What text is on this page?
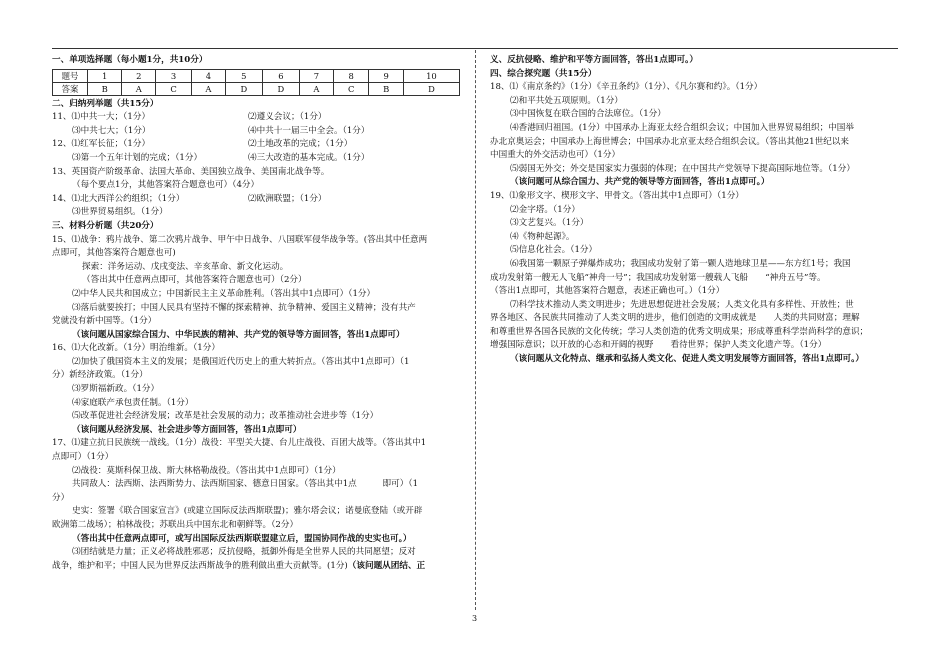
一、单项选择题（每小题1分，共10分）
题号	1	2	3	4	5	6	7	8	9	10
答案	B	A	C	A	D	D	A	C	B	D
二、归纳列举题（共15分）
11、⑴中共一大；（1分）	⑵遵义会议；（1分）
⑶中共七大；（1分）	⑷中共十一届三中全会。（1分）
12、⑴红军长征；（1分）	⑵土地改革的完成；（1分）
⑶第一个五年计划的完成；（1分）	⑷三大改造的基本完成。（1分）
13、英国资产阶级革命、法国大革命、美国独立战争、美国南北战争等。
（每个要点1分，其他答案符合题意也可）（4分）
14、⑴北大西洋公约组织；（1分）	⑵欧洲联盟；（1分）
⑶世界贸易组织。（1分）
三、材料分析题（共20分）
15、⑴战争：鸦片战争、第二次鸦片战争、甲午中日战争、八国联军侵华战争等。(答出其中任意两
点即可，其他答案符合题意也可)
探索：洋务运动、戊戌变法、辛亥革命、新文化运动。
（答出其中任意两点即可，其他答案符合题意也可）（2分）
⑵中华人民共和国成立；中国新民主主义革命胜利。（答出其中1点即可）（1分）
⑶落后就要挨打；中国人民具有坚持不懈的探索精神、抗争精神、爱国主义精神；没有共产
党就没有新中国等。（1分）
（该问题从国家综合国力、中华民族的精神、共产党的领导等方面回答，答出1点即可）
16、⑴大化改新。（1分）明治维新。（1分）
⑵加快了俄国资本主义的发展；是俄国近代历史上的重大转折点。（答出其中1点即可）（1
分）新经济政策。（1分）
⑶罗斯福新政。（1分）
⑷家庭联产承包责任制。（1分）
⑸改革促进社会经济发展；改革是社会发展的动力；改革推动社会进步等（1分）
（该问题从经济发展、社会进步等方面回答，答出1点即可）
17、⑴建立抗日民族统一战线。（1分）战役：平型关大捷、台儿庄战役、百团大战等。（答出其中1
点即可）（1分）
⑵战役：莫斯科保卫战、斯大林格勒战役。（答出其中1点即可）（1分）
共同敌人：法西斯、法西斯势力、法西斯国家、德意日国家。（答出其中1点　　　即可）（1
分）
史实：签署《联合国家宣言》(或建立国际反法西斯联盟)；雅尔塔会议；诺曼底登陆（或开辟
欧洲第二战场）；柏林战役；苏联出兵中国东北和朝鲜等。（2分）
（答出其中任意两点即可，或写出国际反法西斯联盟建立后，盟国协同作战的史实也可。）
⑶团结就是力量；正义必将战胜邪恶；反抗侵略，抵御外侮是全世界人民的共同愿望；反对
战争，维护和平；中国人民为世界反法西斯战争的胜利做出重大贡献等。(1分)（该问题从团结、正
义、反抗侵略、维护和平等方面回答，答出1点即可。）
四、综合探究题（共15分）
18、⑴《南京条约》（1分）《辛丑条约》（1分）、《凡尔赛和约》。（1分）
⑵和平共处五项原则。（1分）
⑶中国恢复在联合国的合法席位。（1分）
⑷香港回归祖国。(1分）中国承办上海亚太经合组织会议；中国加入世界贸易组织；中国举
办北京奥运会；中国承办上海世博会；中国承办北京亚太经合组织会议。（答出其他21世纪以来
中国重大的外交活动也可）（1分）
⑸弱国无外交；外交是国家实力强弱的体现；在中国共产党领导下提高国际地位等。（1分）
（该问题可从综合国力、共产党的领导等方面回答，答出1点即可。）
19、⑴象形文字、楔形文字、甲骨文。（答出其中1点即可）（1分）
⑵金字塔。（1分）
⑶文艺复兴。（1分）
⑷《物种起源》。
⑸信息化社会。（1分）
⑹我国第一颗原子弹爆炸成功；我国成功发射了第一颗人造地球卫星——东方红1号；我国
成功发射第一艘无人飞船“神舟一号”；我国成功发射第一艘载人飞船　　“神舟五号”等。
（答出1点即可，其他答案符合题意，表述正确也可。）（1分）
⑺科学技术推动人类文明进步；先进思想促进社会发展；人类文化具有多样性、开放性；世
界各地区、各民族共同推动了人类文明的进步，他们创造的文明成就是　　人类的共同财富；理解
和尊重世界各国各民族的文化传统；学习人类创造的优秀文明成果；形成尊重科学崇尚科学的意识；
增强国际意识；以开放的心态和开阔的视野　　看待世界；保护人类文化遗产等。（1分）
（该问题从文化特点、继承和弘扬人类文化、促进人类文明发展等方面回答，答出1点即可。）
3
